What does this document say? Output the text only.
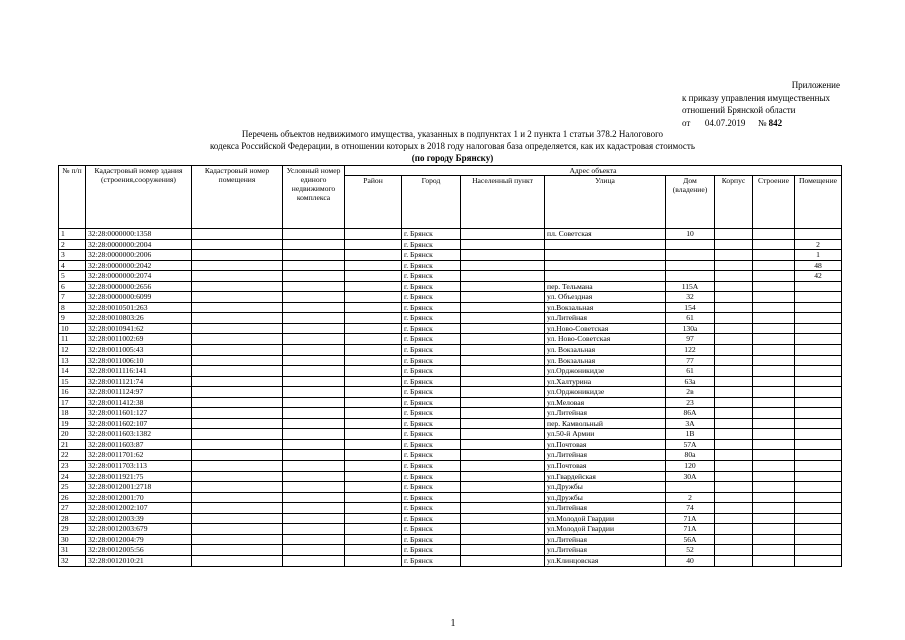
Приложение
к приказу управления имущественных
отношений Брянской области
от 04.07.2019 № 842
Перечень объектов недвижимого имущества, указанных в подпунктах 1 и 2 пункта 1 статьи 378.2 Налогового
кодекса Российской Федерации, в отношении которых в 2018 году налоговая база определяется, как их кадастровая стоимость
(по городу Брянску)
№ п/п	Кадастровый номер здания (строения,сооружения)	Кадастровый номер помещения	Условный номер единого недвижимого комплекса	Адрес объекта							
				Район	Город	Населенный пункт	Улица	Дом (владение)	Корпус	Строение	Помещение
1	32:28:0000000:1358				г. Брянск		пл. Советская	10			
2	32:28:0000000:2004				г. Брянск						2
3	32:28:0000000:2006				г. Брянск						1
4	32:28:0000000:2042				г. Брянск						48
5	32:28:0000000:2074				г. Брянск						42
6	32:28:0000000:2656				г. Брянск		пер. Тельмана	115А			
7	32:28:0000000:6099				г. Брянск		ул. Объездная	32			
8	32:28:0010501:263				г. Брянск		ул.Вокзальная	154			
9	32:28:0010803:26				г. Брянск		ул.Литейная	61			
10	32:28:0010941:62				г. Брянск		ул.Ново-Советская	130а			
11	32:28:0011002:69				г. Брянск		ул. Ново-Советская	97			
12	32:28:0011005:43				г. Брянск		ул. Вокзальная	122			
13	32:28:0011006:10				г. Брянск		ул. Вокзальная	77			
14	32:28:0011116:141				г. Брянск		ул.Орджоникидзе	61			
15	32:28:0011121:74				г. Брянск		ул.Халтурина	63а			
16	32:28:0011124:97				г. Брянск		ул.Орджоникидзе	2в			
17	32:28:0011412:38				г. Брянск		ул.Меловая	23			
18	32:28:0011601:127				г. Брянск		ул.Литейная	86А			
19	32:28:0011602:107				г. Брянск		пер. Камвольный	3А			
20	32:28:0011603:1382				г. Брянск		ул.50-й Армии	1В			
21	32:28:0011603:87				г. Брянск		ул.Почтовая	57А			
22	32:28:0011701:62				г. Брянск		ул.Литейная	80а			
23	32:28:0011703:113				г. Брянск		ул.Почтовая	120			
24	32:28:0011921:75				г. Брянск		ул.Гвардейская	30А			
25	32:28:0012001:2718				г. Брянск		ул.Дружбы				
26	32:28:0012001:70				г. Брянск		ул.Дружбы	2			
27	32:28:0012002:107				г. Брянск		ул.Литейная	74			
28	32:28:0012003:39				г. Брянск		ул.Молодой Гвардии	71А			
29	32:28:0012003:679				г. Брянск		ул.Молодой Гвардии	71А			
30	32:28:0012004:79				г. Брянск		ул.Литейная	56А			
31	32:28:0012005:56				г. Брянск		ул.Литейная	52			
32	32:28:0012010:21				г. Брянск		ул.Клинцовская	40			
1
